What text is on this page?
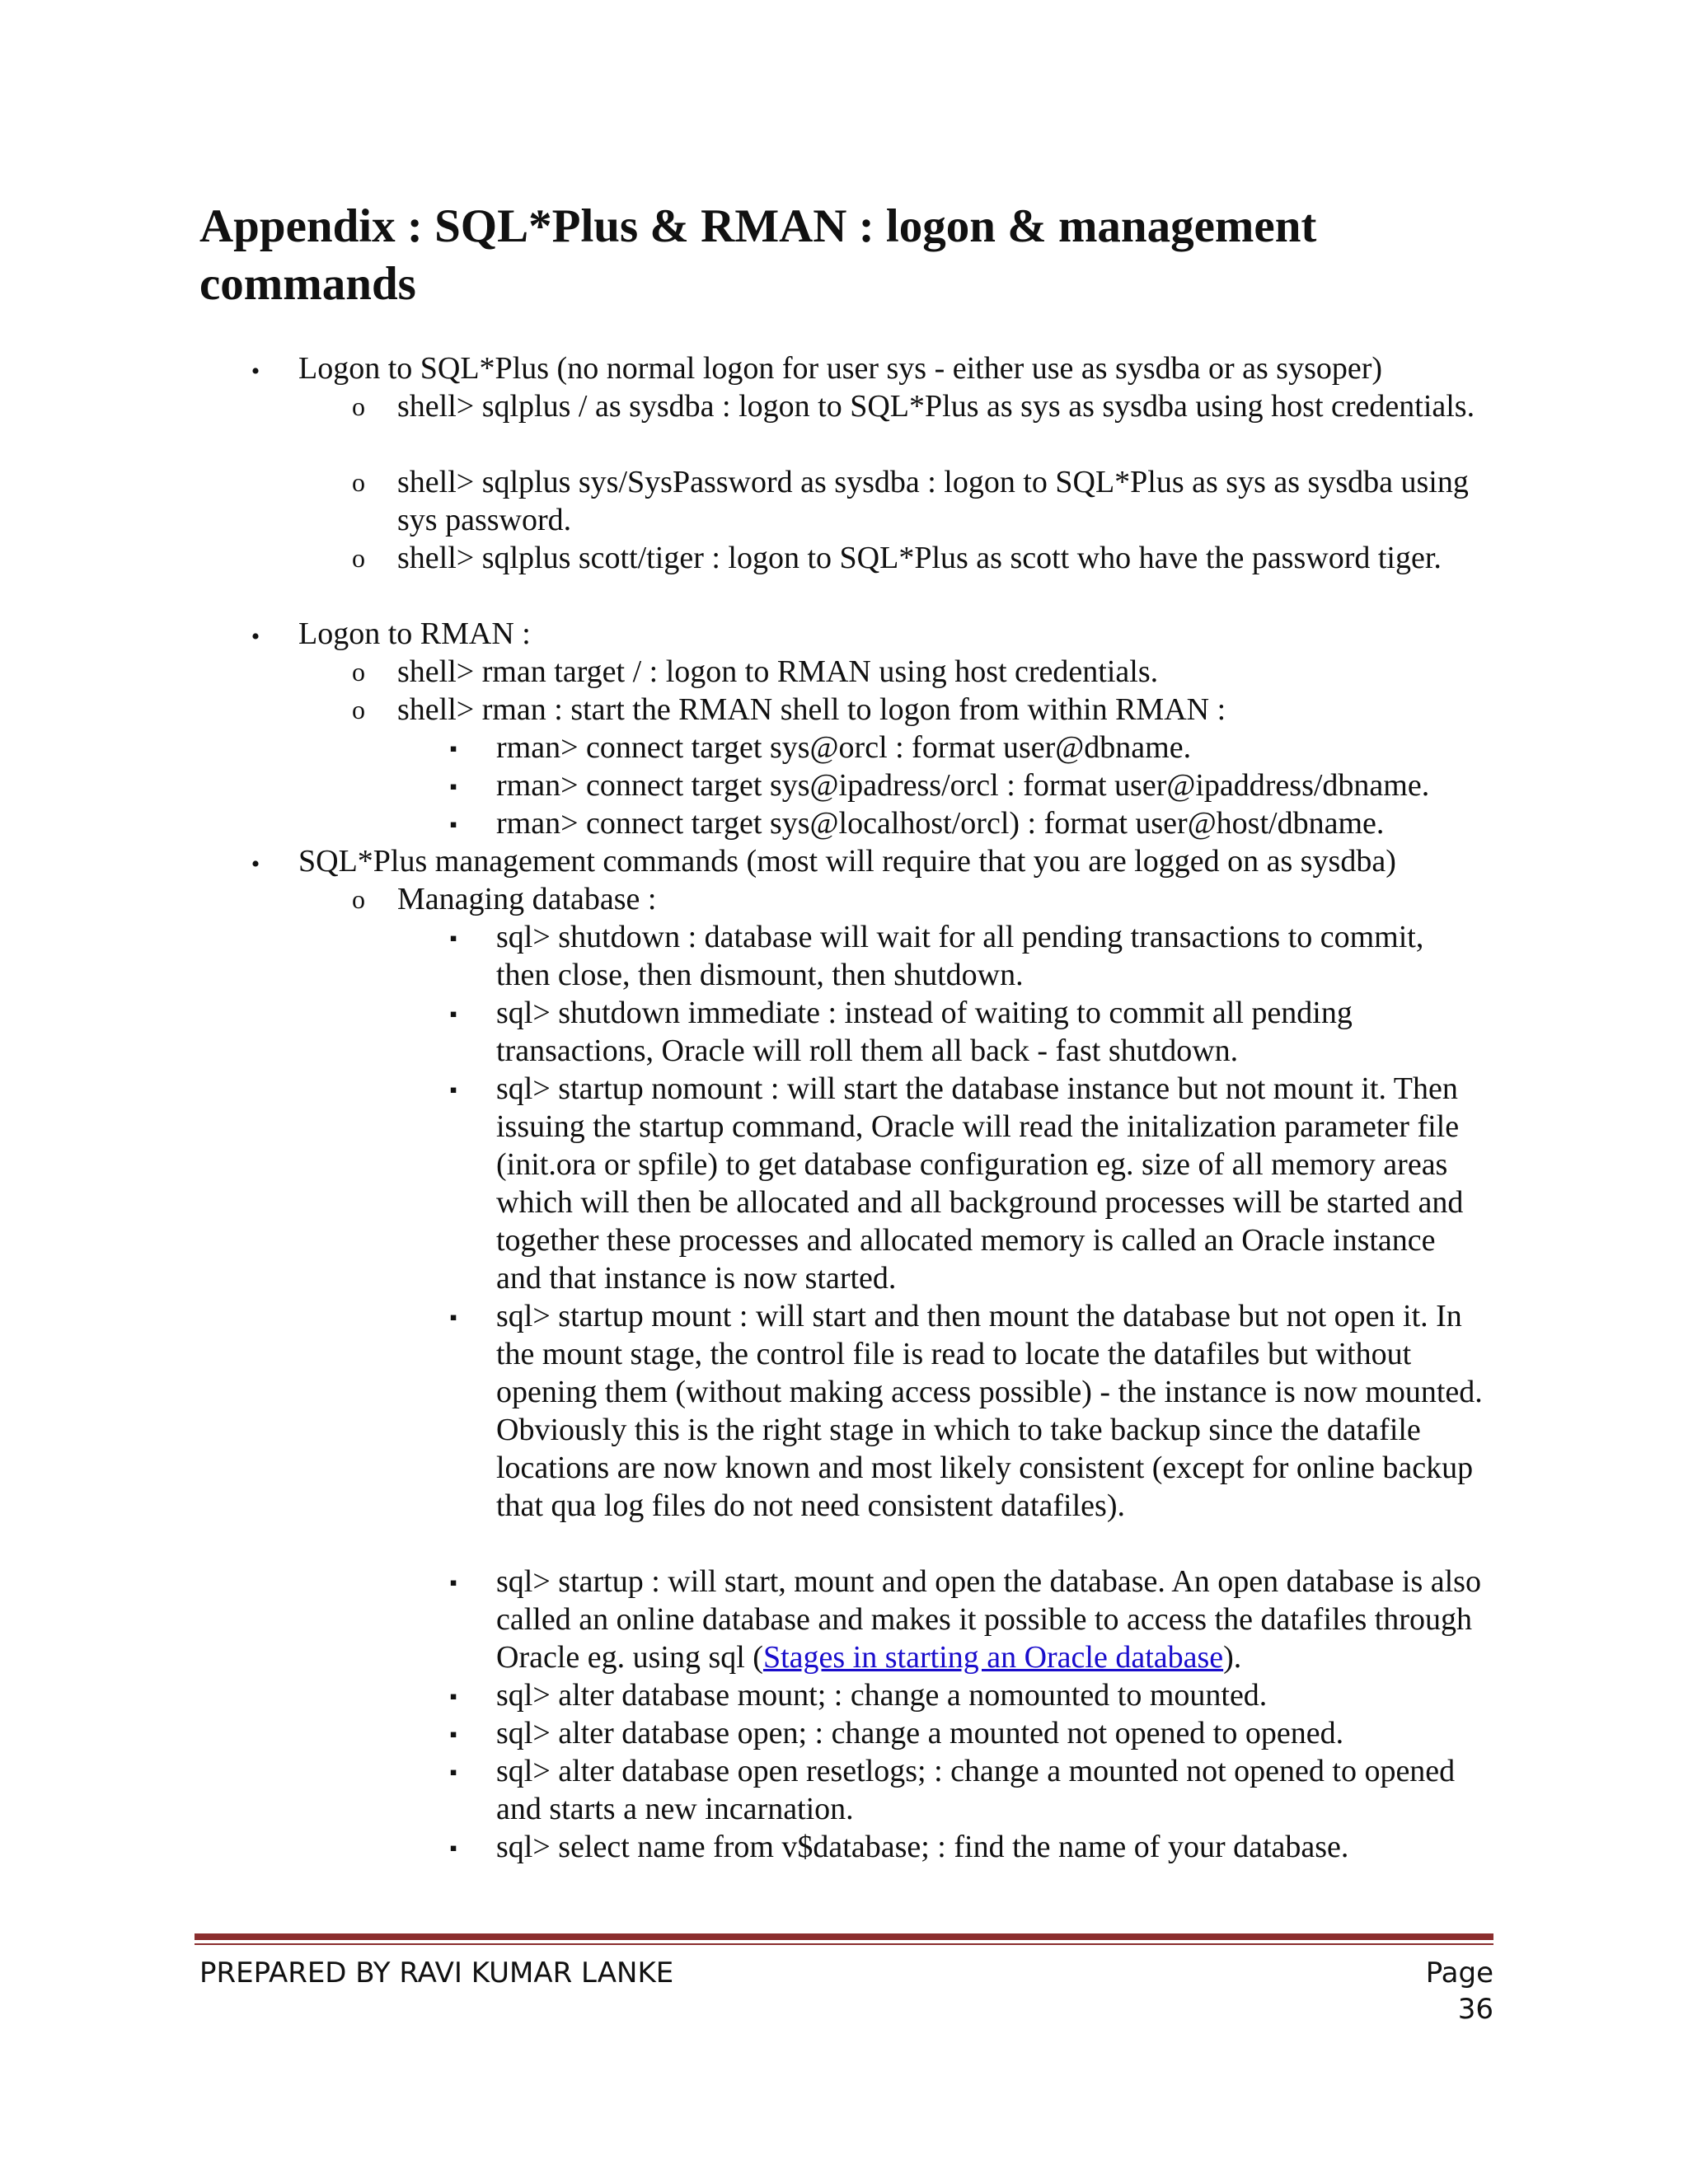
Appendix : SQL*Plus & RMAN : logon & management commands
•	Logon to SQL*Plus (no normal logon for user sys - either use as sysdba or as sysoper)

o	shell> sqlplus / as sysdba : logon to SQL*Plus as sys as sysdba using host credentials.

o	shell> sqlplus sys/SysPassword as sysdba : logon to SQL*Plus as sys as sysdba using sys password.

o	shell> sqlplus scott/tiger : logon to SQL*Plus as scott who have the password tiger.

•	Logon to RMAN :

o	shell> rman target / : logon to RMAN using host credentials.

o	shell> rman : start the RMAN shell to logon from within RMAN :

▪	rman> connect target sys@orcl : format user@dbname.

▪	rman> connect target sys@ipadress/orcl : format user@ipaddress/dbname.

▪	rman> connect target sys@localhost/orcl) : format user@host/dbname.

•	SQL*Plus management commands (most will require that you are logged on as sysdba)

o	Managing database :

▪	sql> shutdown : database will wait for all pending transactions to commit, then close, then dismount, then shutdown.

▪	sql> shutdown immediate : instead of waiting to commit all pending transactions, Oracle will roll them all back - fast shutdown.

▪	sql> startup nomount : will start the database instance but not mount it. Then issuing the startup command, Oracle will read the initalization parameter file (init.ora or spfile) to get database configuration eg. size of all memory areas which will then be allocated and all background processes will be started and together these processes and allocated memory is called an Oracle instance and that instance is now started.

▪	sql> startup mount : will start and then mount the database but not open it. In the mount stage, the control file is read to locate the datafiles but without opening them (without making access possible) - the instance is now mounted. Obviously this is the right stage in which to take backup since the datafile locations are now known and most likely consistent (except for online backup that qua log files do not need consistent datafiles).

▪	sql> startup : will start, mount and open the database. An open database is also called an online database and makes it possible to access the datafiles through Oracle eg. using sql (Stages in starting an Oracle database).

▪	sql> alter database mount; : change a nomounted to mounted.

▪	sql> alter database open; : change a mounted not opened to opened.

▪	sql> alter database open resetlogs; : change a mounted not opened to opened and starts a new incarnation.

▪	sql> select name from v$database; : find the name of your database.

PREPARED BY RAVI KUMAR LANKE	Page 36
